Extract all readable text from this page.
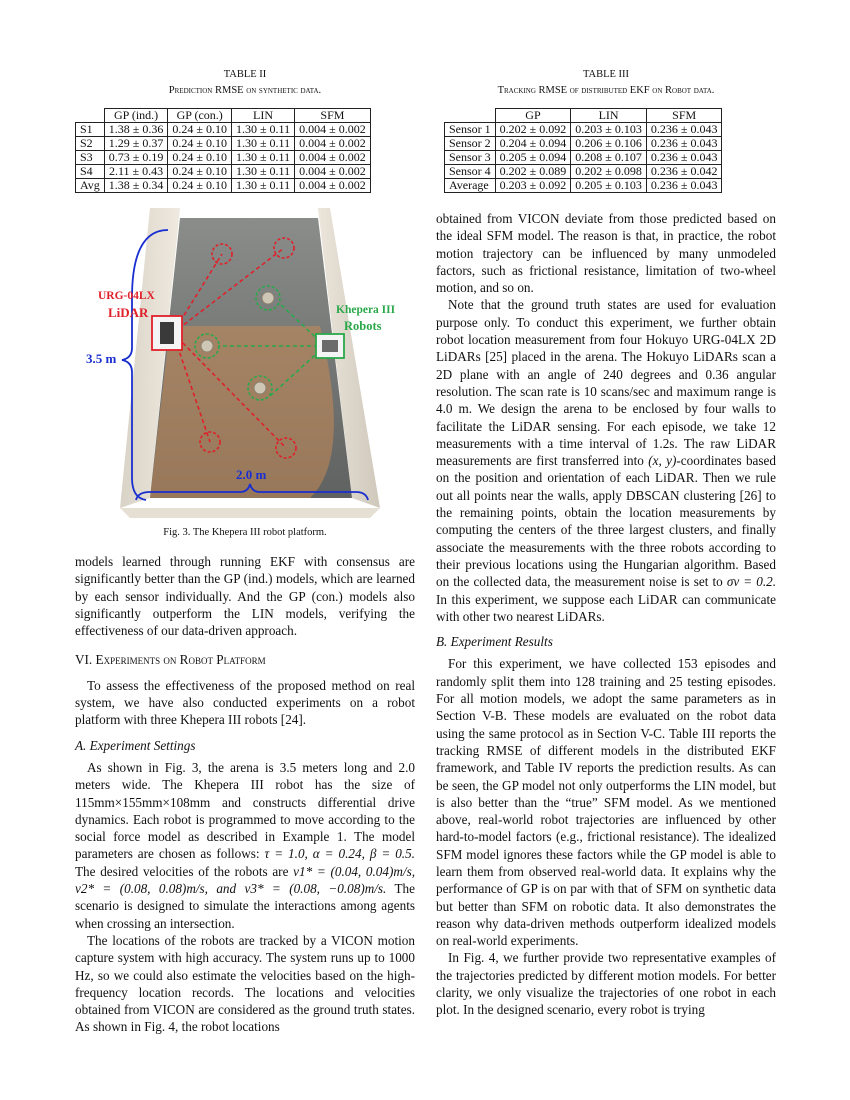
TABLE II
Prediction RMSE on synthetic data.
	GP (ind.)	GP (con.)	LIN	SFM
S1	1.38 ± 0.36	0.24 ± 0.10	1.30 ± 0.11	0.004 ± 0.002
S2	1.29 ± 0.37	0.24 ± 0.10	1.30 ± 0.11	0.004 ± 0.002
S3	0.73 ± 0.19	0.24 ± 0.10	1.30 ± 0.11	0.004 ± 0.002
S4	2.11 ± 0.43	0.24 ± 0.10	1.30 ± 0.11	0.004 ± 0.002
Avg	1.38 ± 0.34	0.24 ± 0.10	1.30 ± 0.11	0.004 ± 0.002
TABLE III
Tracking RMSE of distributed EKF on Robot data.
	GP	LIN	SFM
Sensor 1	0.202 ± 0.092	0.203 ± 0.103	0.236 ± 0.043
Sensor 2	0.204 ± 0.094	0.206 ± 0.106	0.236 ± 0.043
Sensor 3	0.205 ± 0.094	0.208 ± 0.107	0.236 ± 0.043
Sensor 4	0.202 ± 0.089	0.202 ± 0.098	0.236 ± 0.042
Average	0.203 ± 0.092	0.205 ± 0.103	0.236 ± 0.043
URG-04LX
LiDAR	Khepera III
Robots
3.5 m
2.0 m
Fig. 3. The Khepera III robot platform.

models learned through running EKF with consensus are significantly better than the GP (ind.) models, which are learned by each sensor individually. And the GP (con.) models also significantly outperform the LIN models, verifying the effectiveness of our data-driven approach.

VI. Experiments on Robot Platform

To assess the effectiveness of the proposed method on real system, we have also conducted experiments on a robot platform with three Khepera III robots [24].

A. Experiment Settings

As shown in Fig. 3, the arena is 3.5 meters long and 2.0 meters wide. The Khepera III robot has the size of 115mm×155mm×108mm and constructs differential drive dynamics. Each robot is programmed to move according to the social force model as described in Example 1. The model parameters are chosen as follows: τ = 1.0, α = 0.24, β = 0.5. The desired velocities of the robots are v1* = (0.04, 0.04)m/s, v2* = (0.08, 0.08)m/s, and v3* = (0.08, −0.08)m/s. The scenario is designed to simulate the interactions among agents when crossing an intersection.

The locations of the robots are tracked by a VICON motion capture system with high accuracy. The system runs up to 1000 Hz, so we could also estimate the velocities based on the high-frequency location records. The locations and velocities obtained from VICON are considered as the ground truth states. As shown in Fig. 4, the robot locations

obtained from VICON deviate from those predicted based on the ideal SFM model. The reason is that, in practice, the robot motion trajectory can be influenced by many unmodeled factors, such as frictional resistance, limitation of two-wheel motion, and so on.

Note that the ground truth states are used for evaluation purpose only. To conduct this experiment, we further obtain robot location measurement from four Hokuyo URG-04LX 2D LiDARs [25] placed in the arena. The Hokuyo LiDARs scan a 2D plane with an angle of 240 degrees and 0.36 angular resolution. The scan rate is 10 scans/sec and maximum range is 4.0 m. We design the arena to be enclosed by four walls to facilitate the LiDAR sensing. For each episode, we take 12 measurements with a time interval of 1.2s. The raw LiDAR measurements are first transferred into (x, y)-coordinates based on the position and orientation of each LiDAR. Then we rule out all points near the walls, apply DBSCAN clustering [26] to the remaining points, obtain the location measurements by computing the centers of the three largest clusters, and finally associate the measurements with the three robots according to their previous locations using the Hungarian algorithm. Based on the collected data, the measurement noise is set to σν = 0.2. In this experiment, we suppose each LiDAR can communicate with other two nearest LiDARs.

B. Experiment Results

For this experiment, we have collected 153 episodes and randomly split them into 128 training and 25 testing episodes. For all motion models, we adopt the same parameters as in Section V-B. These models are evaluated on the robot data using the same protocol as in Section V-C. Table III reports the tracking RMSE of different models in the distributed EKF framework, and Table IV reports the prediction results. As can be seen, the GP model not only outperforms the LIN model, but is also better than the “true” SFM model. As we mentioned above, real-world robot trajectories are influenced by other hard-to-model factors (e.g., frictional resistance). The idealized SFM model ignores these factors while the GP model is able to learn them from observed real-world data. It explains why the performance of GP is on par with that of SFM on synthetic data but better than SFM on robotic data. It also demonstrates the reason why data-driven methods outperform idealized models on real-world experiments.

In Fig. 4, we further provide two representative examples of the trajectories predicted by different motion models. For better clarity, we only visualize the trajectories of one robot in each plot. In the designed scenario, every robot is trying
